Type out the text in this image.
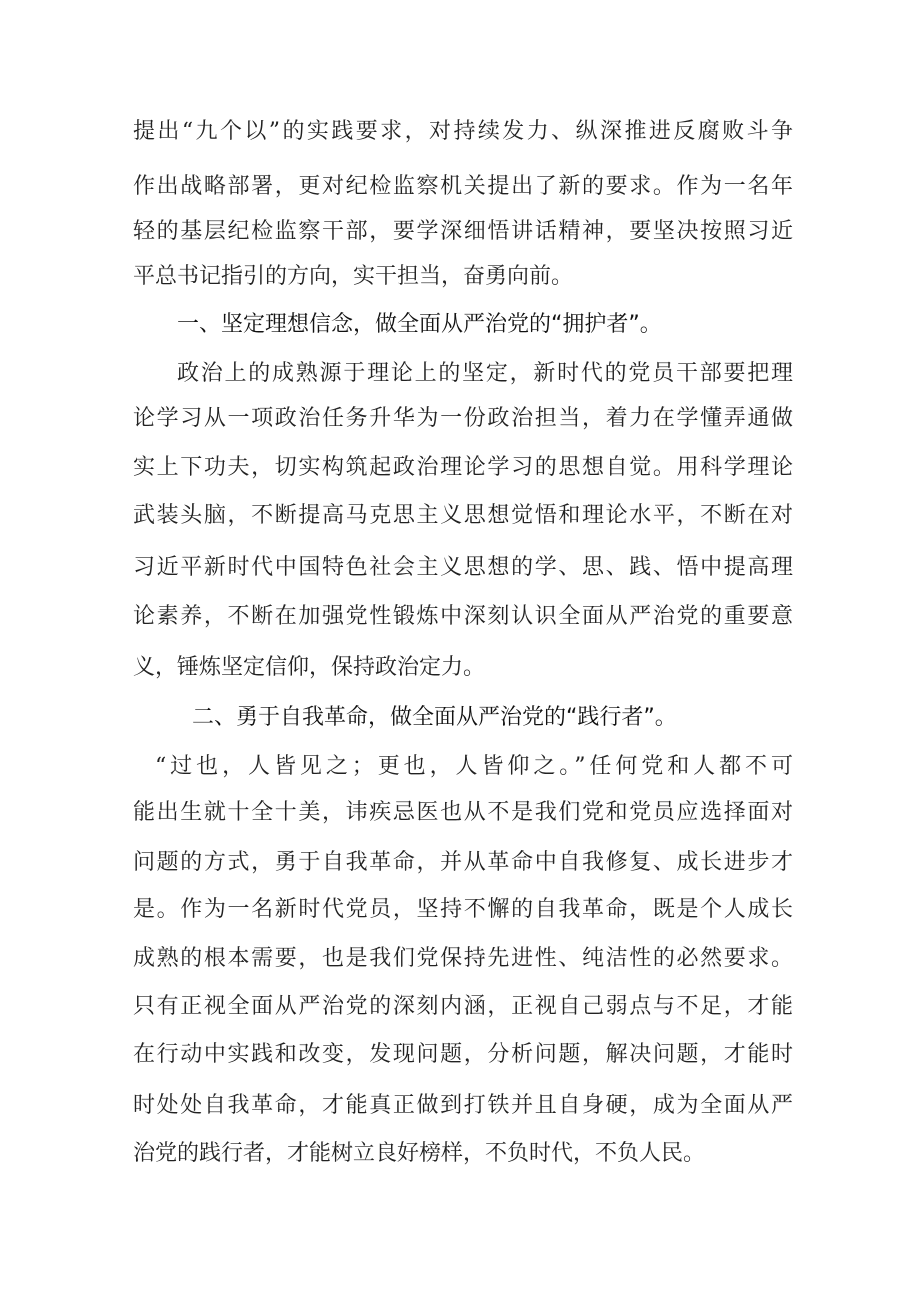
提出“九个以”的实践要求，对持续发力、纵深推进反腐败斗争
作出战略部署，更对纪检监察机关提出了新的要求。作为一名年
轻的基层纪检监察干部，要学深细悟讲话精神，要坚决按照习近
平总书记指引的方向，实干担当，奋勇向前。
一、坚定理想信念，做全面从严治党的“拥护者”。
政治上的成熟源于理论上的坚定，新时代的党员干部要把理
论学习从一项政治任务升华为一份政治担当，着力在学懂弄通做
实上下功夫，切实构筑起政治理论学习的思想自觉。用科学理论
武装头脑，不断提高马克思主义思想觉悟和理论水平，不断在对
习近平新时代中国特色社会主义思想的学、思、践、悟中提高理
论素养，不断在加强党性锻炼中深刻认识全面从严治党的重要意
义，锤炼坚定信仰，保持政治定力。
二、勇于自我革命，做全面从严治党的“践行者”。
“过也，人皆见之；更也，人皆仰之。”任何党和人都不可
能出生就十全十美，讳疾忌医也从不是我们党和党员应选择面对
问题的方式，勇于自我革命，并从革命中自我修复、成长进步才
是。作为一名新时代党员，坚持不懈的自我革命，既是个人成长
成熟的根本需要，也是我们党保持先进性、纯洁性的必然要求。
只有正视全面从严治党的深刻内涵，正视自己弱点与不足，才能
在行动中实践和改变，发现问题，分析问题，解决问题，才能时
时处处自我革命，才能真正做到打铁并且自身硬，成为全面从严
治党的践行者，才能树立良好榜样，不负时代，不负人民。
